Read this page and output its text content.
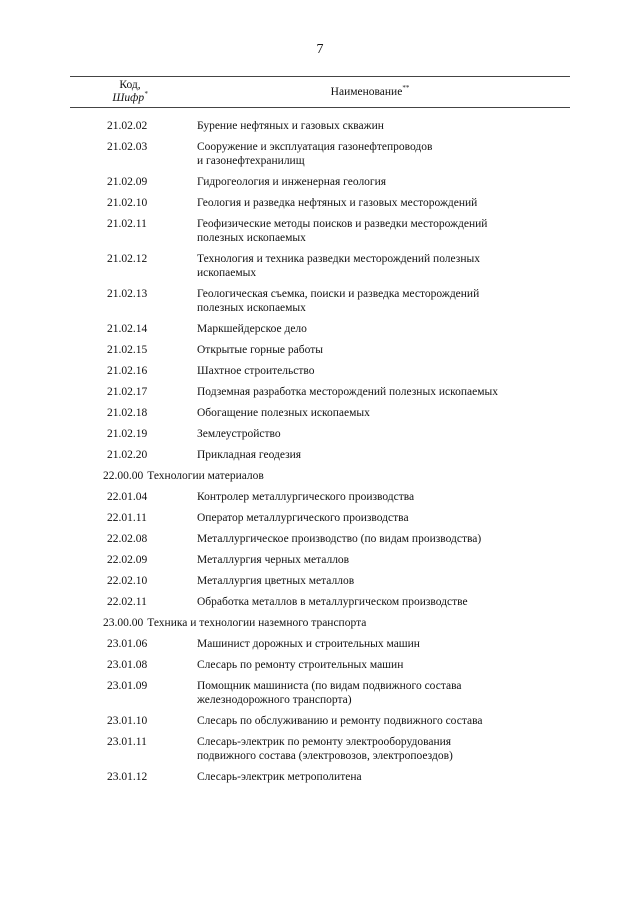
7
Код,
Шифр*	Наименование**
21.02.02	Бурение нефтяных и газовых скважин
21.02.03	Сооружение и эксплуатация газонефтепроводов
и газонефтехранилищ
21.02.09	Гидрогеология и инженерная геология
21.02.10	Геология и разведка нефтяных и газовых месторождений
21.02.11	Геофизические методы поисков и разведки месторождений
полезных ископаемых
21.02.12	Технология и техника разведки месторождений полезных
ископаемых
21.02.13	Геологическая съемка, поиски и разведка месторождений
полезных ископаемых
21.02.14	Маркшейдерское дело
21.02.15	Открытые горные работы
21.02.16	Шахтное строительство
21.02.17	Подземная разработка месторождений полезных ископаемых
21.02.18	Обогащение полезных ископаемых
21.02.19	Землеустройство
21.02.20	Прикладная геодезия
22.00.00 Технологии материалов
22.01.04	Контролер металлургического производства
22.01.11	Оператор металлургического производства
22.02.08	Металлургическое производство (по видам производства)
22.02.09	Металлургия черных металлов
22.02.10	Металлургия цветных металлов
22.02.11	Обработка металлов в металлургическом производстве
23.00.00 Техника и технологии наземного транспорта
23.01.06	Машинист дорожных и строительных машин
23.01.08	Слесарь по ремонту строительных машин
23.01.09	Помощник машиниста (по видам подвижного состава
железнодорожного транспорта)
23.01.10	Слесарь по обслуживанию и ремонту подвижного состава
23.01.11	Слесарь-электрик по ремонту электрооборудования
подвижного состава (электровозов, электропоездов)
23.01.12	Слесарь-электрик метрополитена
